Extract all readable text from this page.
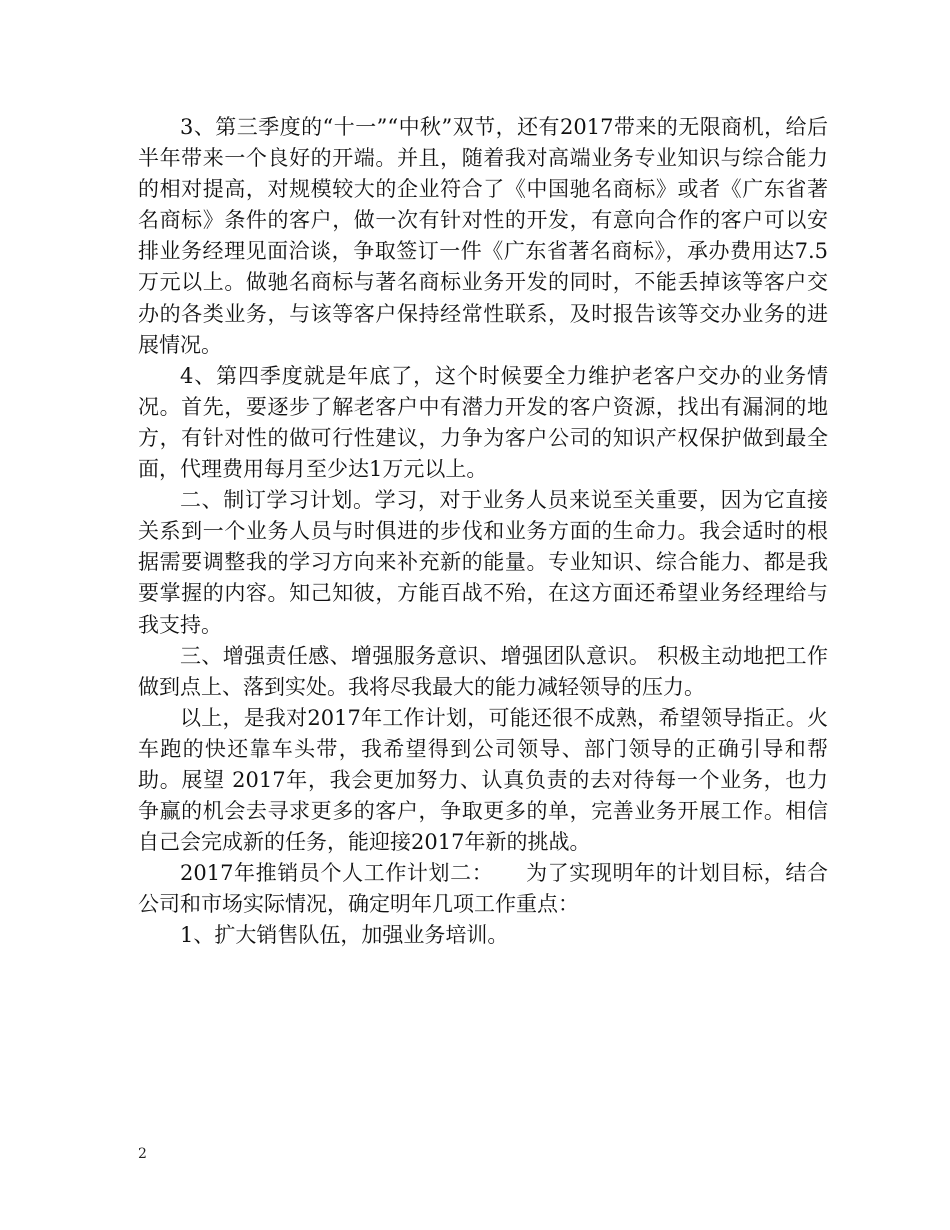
3、第三季度的“十一”“中秋”双节，还有2017带来的无限商机，给后半年带来一个良好的开端。并且，随着我对高端业务专业知识与综合能力的相对提高，对规模较大的企业符合了《中国驰名商标》或者《广东省著名商标》条件的客户，做一次有针对性的开发，有意向合作的客户可以安排业务经理见面洽谈，争取签订一件《广东省著名商标》，承办费用达7.5万元以上。做驰名商标与著名商标业务开发的同时，不能丢掉该等客户交办的各类业务，与该等客户保持经常性联系，及时报告该等交办业务的进展情况。

4、第四季度就是年底了，这个时候要全力维护老客户交办的业务情况。首先，要逐步了解老客户中有潜力开发的客户资源，找出有漏洞的地方，有针对性的做可行性建议，力争为客户公司的知识产权保护做到最全面，代理费用每月至少达1万元以上。

二、制订学习计划。学习，对于业务人员来说至关重要，因为它直接关系到一个业务人员与时俱进的步伐和业务方面的生命力。我会适时的根据需要调整我的学习方向来补充新的能量。专业知识、综合能力、都是我要掌握的内容。知己知彼，方能百战不殆，在这方面还希望业务经理给与我支持。

三、增强责任感、增强服务意识、增强团队意识。 积极主动地把工作做到点上、落到实处。我将尽我最大的能力减轻领导的压力。

以上，是我对2017年工作计划，可能还很不成熟，希望领导指正。火车跑的快还靠车头带，我希望得到公司领导、部门领导的正确引导和帮助。展望 2017年，我会更加努力、认真负责的去对待每一个业务，也力争赢的机会去寻求更多的客户，争取更多的单，完善业务开展工作。相信自己会完成新的任务，能迎接2017年新的挑战。

2017年推销员个人工作计划二：　　为了实现明年的计划目标，结合公司和市场实际情况，确定明年几项工作重点：

1、扩大销售队伍，加强业务培训。

2
